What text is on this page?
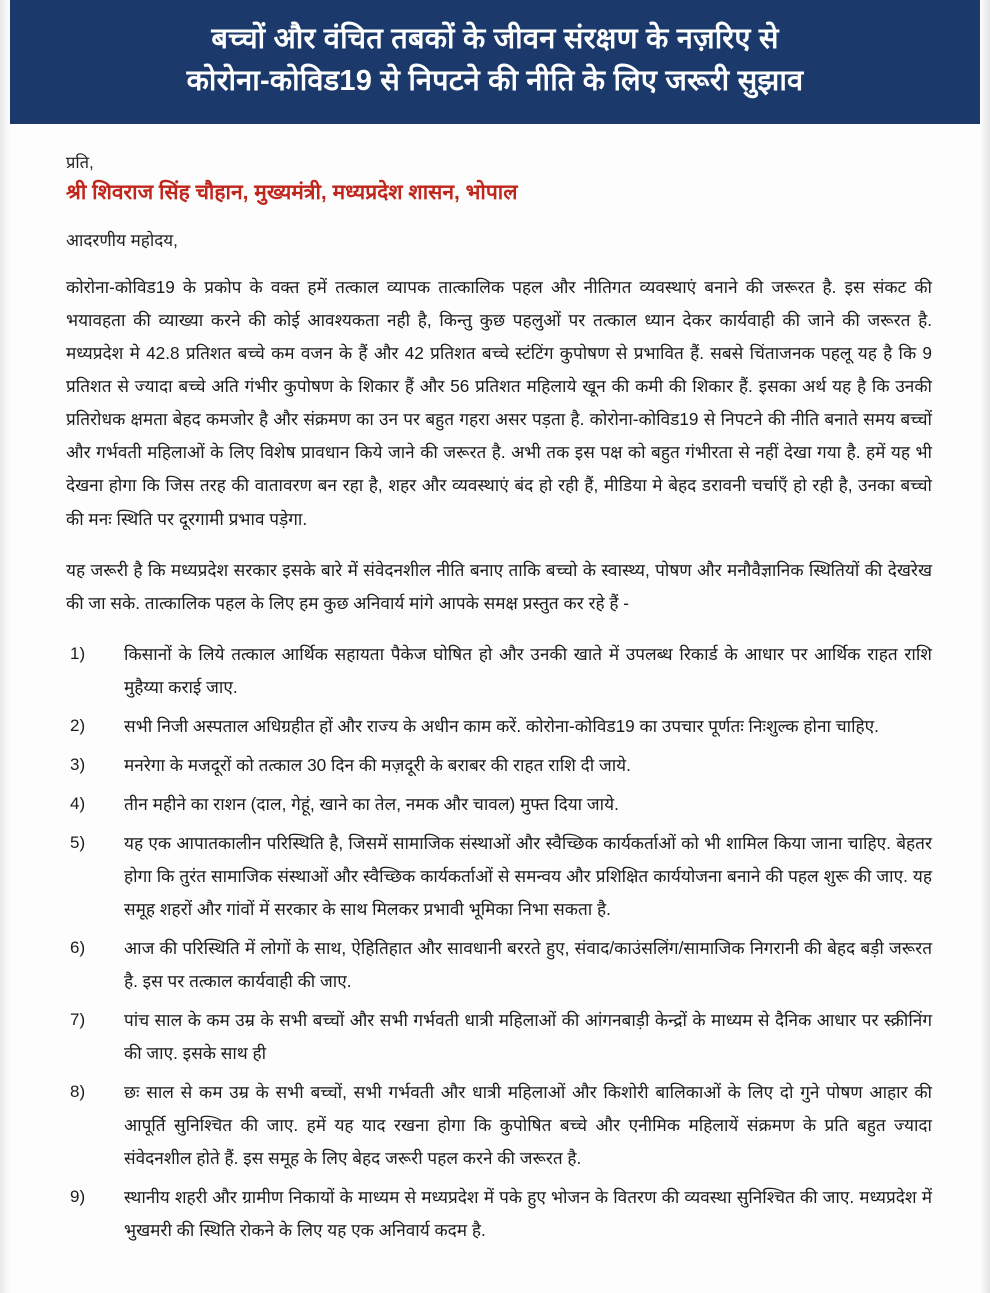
बच्चों और वंचित तबकों के जीवन संरक्षण के नज़रिए से
कोरोना-कोविड19 से निपटने की नीति के लिए जरूरी सुझाव
प्रति,
श्री शिवराज सिंह चौहान, मुख्यमंत्री, मध्यप्रदेश शासन, भोपाल
आदरणीय महोदय,
कोरोना-कोविड19 के प्रकोप के वक्त हमें तत्काल व्यापक तात्कालिक पहल और नीतिगत व्यवस्थाएं बनाने की जरूरत है. इस संकट की भयावहता की व्याख्या करने की कोई आवश्यकता नही है, किन्तु कुछ पहलुओं पर तत्काल ध्यान देकर कार्यवाही की जाने की जरूरत है. मध्यप्रदेश मे 42.8 प्रतिशत बच्चे कम वजन के हैं और 42 प्रतिशत बच्चे स्टंटिंग कुपोषण से प्रभावित हैं. सबसे चिंताजनक पहलू यह है कि 9 प्रतिशत से ज्यादा बच्चे अति गंभीर कुपोषण के शिकार हैं और 56 प्रतिशत महिलाये खून की कमी की शिकार हैं. इसका अर्थ यह है कि उनकी प्रतिरोधक क्षमता बेहद कमजोर है और संक्रमण का उन पर बहुत गहरा असर पड़ता है. कोरोना-कोविड19 से निपटने की नीति बनाते समय बच्चों और गर्भवती महिलाओं के लिए विशेष प्रावधान किये जाने की जरूरत है. अभी तक इस पक्ष को बहुत गंभीरता से नहीं देखा गया है. हमें यह भी देखना होगा कि जिस तरह की वातावरण बन रहा है, शहर और व्यवस्थाएं बंद हो रही हैं, मीडिया मे बेहद डरावनी चर्चाएँ हो रही है, उनका बच्चो की मनः स्थिति पर दूरगामी प्रभाव पड़ेगा.
यह जरूरी है कि मध्यप्रदेश सरकार इसके बारे में संवेदनशील नीति बनाए ताकि बच्चो के स्वास्थ्य, पोषण और मनौवैज्ञानिक स्थितियों की देखरेख की जा सके. तात्कालिक पहल के लिए हम कुछ अनिवार्य मांगे आपके समक्ष प्रस्तुत कर रहे हैं -
1)	किसानों के लिये तत्काल आर्थिक सहायता पैकेज घोषित हो और उनकी खाते में उपलब्ध रिकार्ड के आधार पर आर्थिक राहत राशि मुहैय्या कराई जाए.
2)	सभी निजी अस्पताल अधिग्रहीत हों और राज्य के अधीन काम करें. कोरोना-कोविड19 का उपचार पूर्णतः निःशुल्क होना चाहिए.
3)	मनरेगा के मजदूरों को तत्काल 30 दिन की मज़दूरी के बराबर की राहत राशि दी जाये.
4)	तीन महीने का राशन (दाल, गेहूं, खाने का तेल, नमक और चावल) मुफ्त दिया जाये.
5)	यह एक आपातकालीन परिस्थिति है, जिसमें सामाजिक संस्थाओं और स्वैच्छिक कार्यकर्ताओं को भी शामिल किया जाना चाहिए. बेहतर होगा कि तुरंत सामाजिक संस्थाओं और स्वैच्छिक कार्यकर्ताओं से समन्वय और प्रशिक्षित कार्ययोजना बनाने की पहल शुरू की जाए. यह समूह शहरों और गांवों में सरकार के साथ मिलकर प्रभावी भूमिका निभा सकता है.
6)	आज की परिस्थिति में लोगों के साथ, ऐहितिहात और सावधानी बररते हुए, संवाद/काउंसलिंग/सामाजिक निगरानी की बेहद बड़ी जरूरत है. इस पर तत्काल कार्यवाही की जाए.
7)	पांच साल के कम उम्र के सभी बच्चों और सभी गर्भवती धात्री महिलाओं की आंगनबाड़ी केन्द्रों के माध्यम से दैनिक आधार पर स्क्रीनिंग की जाए. इसके साथ ही
8)	छः साल से कम उम्र के सभी बच्चों, सभी गर्भवती और धात्री महिलाओं और किशोरी बालिकाओं के लिए दो गुने पोषण आहार की आपूर्ति सुनिश्चित की जाए. हमें यह याद रखना होगा कि कुपोषित बच्चे और एनीमिक महिलायें संक्रमण के प्रति बहुत ज्यादा संवेदनशील होते हैं. इस समूह के लिए बेहद जरूरी पहल करने की जरूरत है.
9)	स्थानीय शहरी और ग्रामीण निकायों के माध्यम से मध्यप्रदेश में पके हुए भोजन के वितरण की व्यवस्था सुनिश्चित की जाए. मध्यप्रदेश में भुखमरी की स्थिति रोकने के लिए यह एक अनिवार्य कदम है.
